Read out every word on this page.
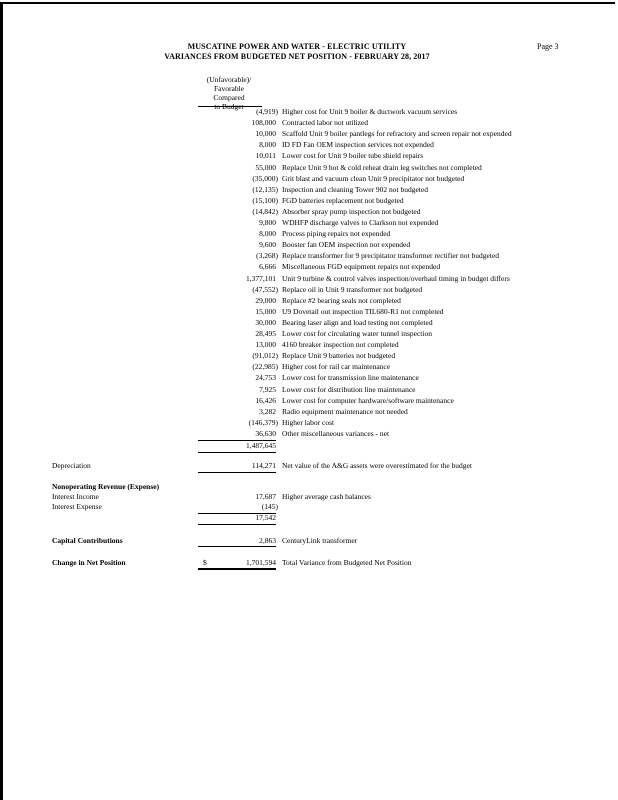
MUSCATINE POWER AND WATER - ELECTRIC UTILITY
VARIANCES FROM BUDGETED NET POSITION - FEBRUARY 28, 2017
Page 3
(Unfavorable)/
Favorable Compared
(4,919) Higher cost for Unit 9 boiler & ductwork vacuum services
108,000 Contracted labor not utilized
10,000 Scaffold Unit 9 boiler pantlegs for refractory and screen repair not expended
8,000 ID FD Fan OEM inspection services not expended
10,011 Lower cost for Unit 9 boiler tube shield repairs
55,000 Replace Unit 9 hot & cold reheat drain leg switches not completed
(35,000) Grit blast and vacuum clean Unit 9 precipitator not budgeted
(12,135) Inspection and cleaning Tower 902 not budgeted
(15,100) FGD batteries replacement not budgeted
(14,842) Absorber spray pump inspection not budgeted
9,800 WDHFP discharge valves to Clarkson not expended
8,000 Process piping repairs not expended
9,600 Booster fan OEM inspection not expended
(3,268) Replace transformer for 9 precipitator transformer rectifier not budgeted
6,666 Miscellaneous FGD equipment repairs not expended
1,377,101 Unit 9 turbine & control valves inspection/overhaul timing in budget differs
(47,552) Replace oil in Unit 9 transformer not budgeted
29,000 Replace #2 bearing seals not completed
15,000 U9 Dovetail out inspection TIL680-R1 not completed
30,000 Bearing laser align and load testing not completed
28,495 Lower cost for circulating water tunnel inspection
13,000 4160 breaker inspection not completed
(91,012) Replace Unit 9 batteries not budgeted
(22,985) Higher cost for rail car maintenance
24,753 Lower cost for transmission line maintenance
7,925 Lower cost for distribution line maintenance
16,426 Lower cost for computer hardware/software maintenance
3,282 Radio equipment maintenance not needed
(146,379) Higher labor cost
36,630 Other miscellaneous variances - net
1,487,645
Depreciation	114,271 Net value of the A&G assets were overestimated for the budget
Nonoperating Revenue (Expense)
Interest Income	17,687 Higher average cash balances
Interest Expense	(145)
17,542
Capital Contributions	2,863 CenturyLink transformer
Change in Net Position	$	1,701,594 Total Variance from Budgeted Net Position
